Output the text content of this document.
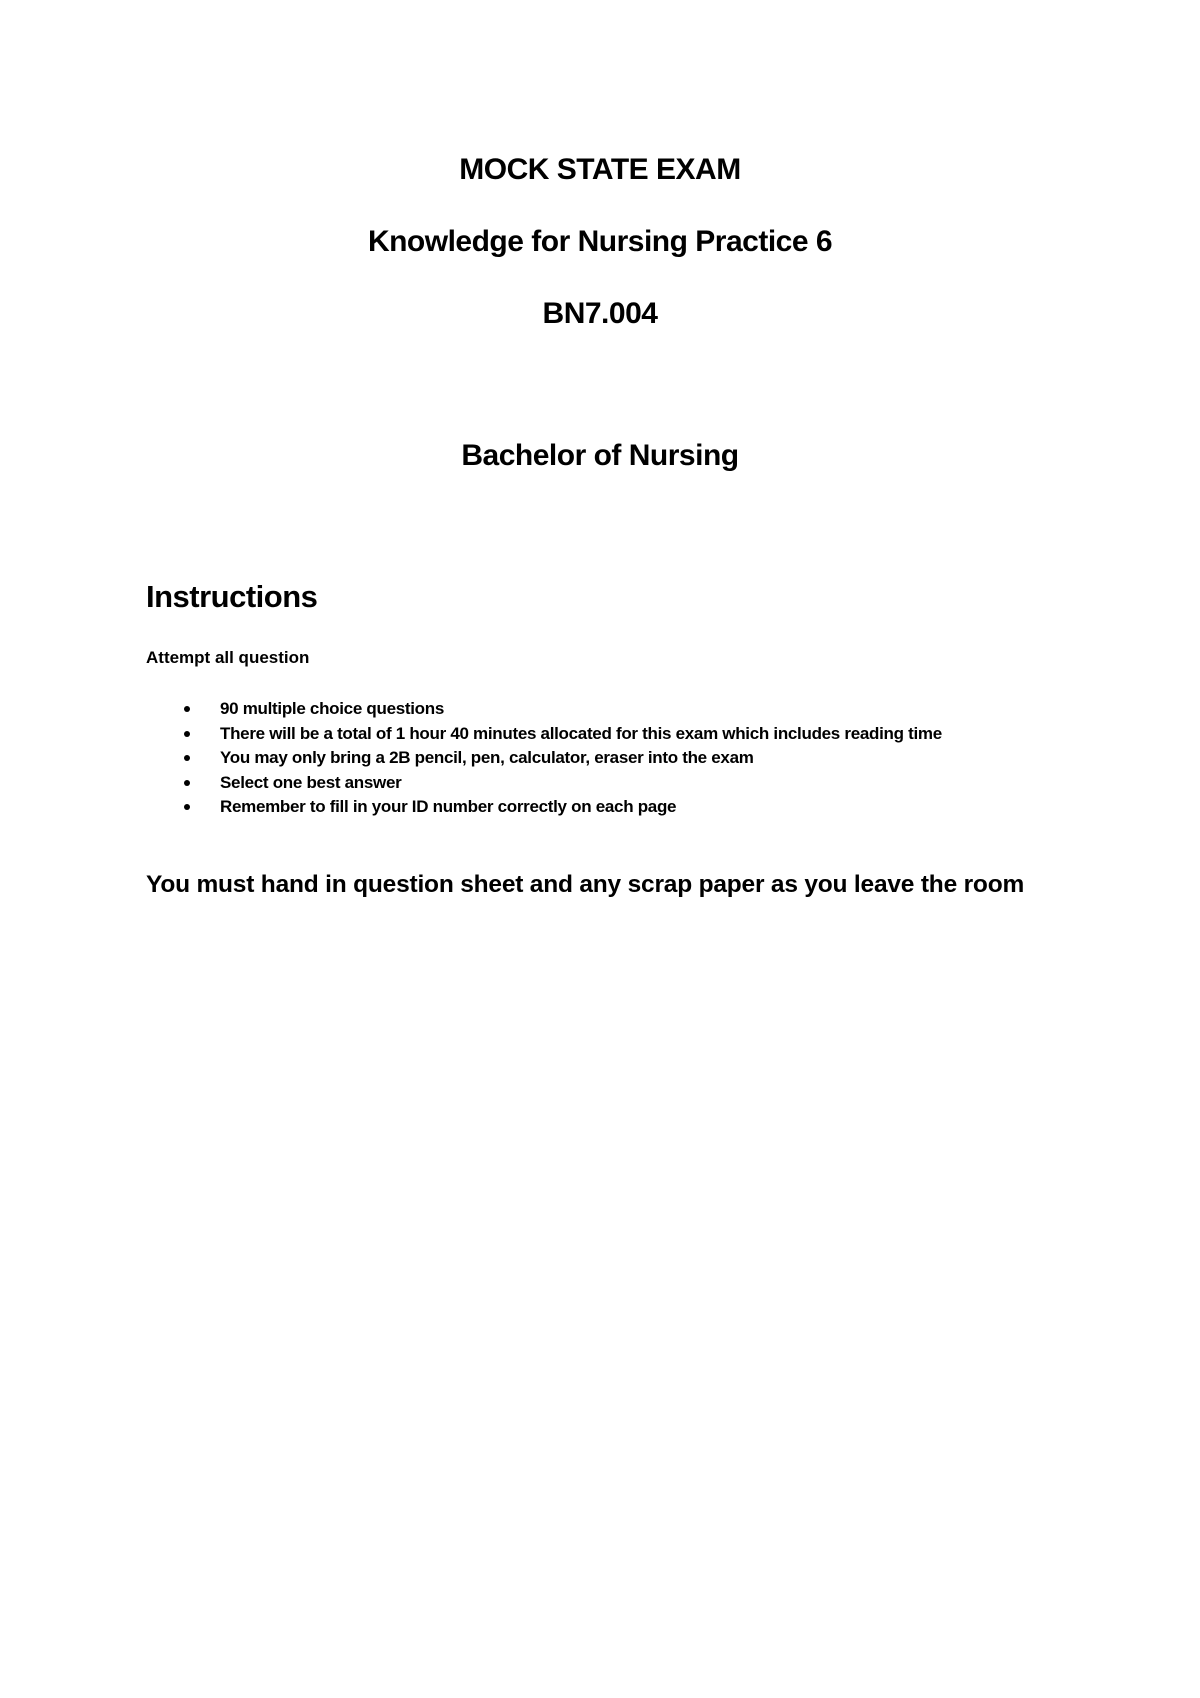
MOCK STATE EXAM
Knowledge for Nursing Practice 6
BN7.004
Bachelor of Nursing
Instructions
Attempt all question
90 multiple choice questions
There will be a total of 1 hour 40 minutes allocated for this exam which includes reading time
You may only bring a 2B pencil, pen, calculator, eraser into the exam
Select one best answer
Remember to fill in your ID number correctly on each page
You must hand in question sheet and any scrap paper as you leave the room
